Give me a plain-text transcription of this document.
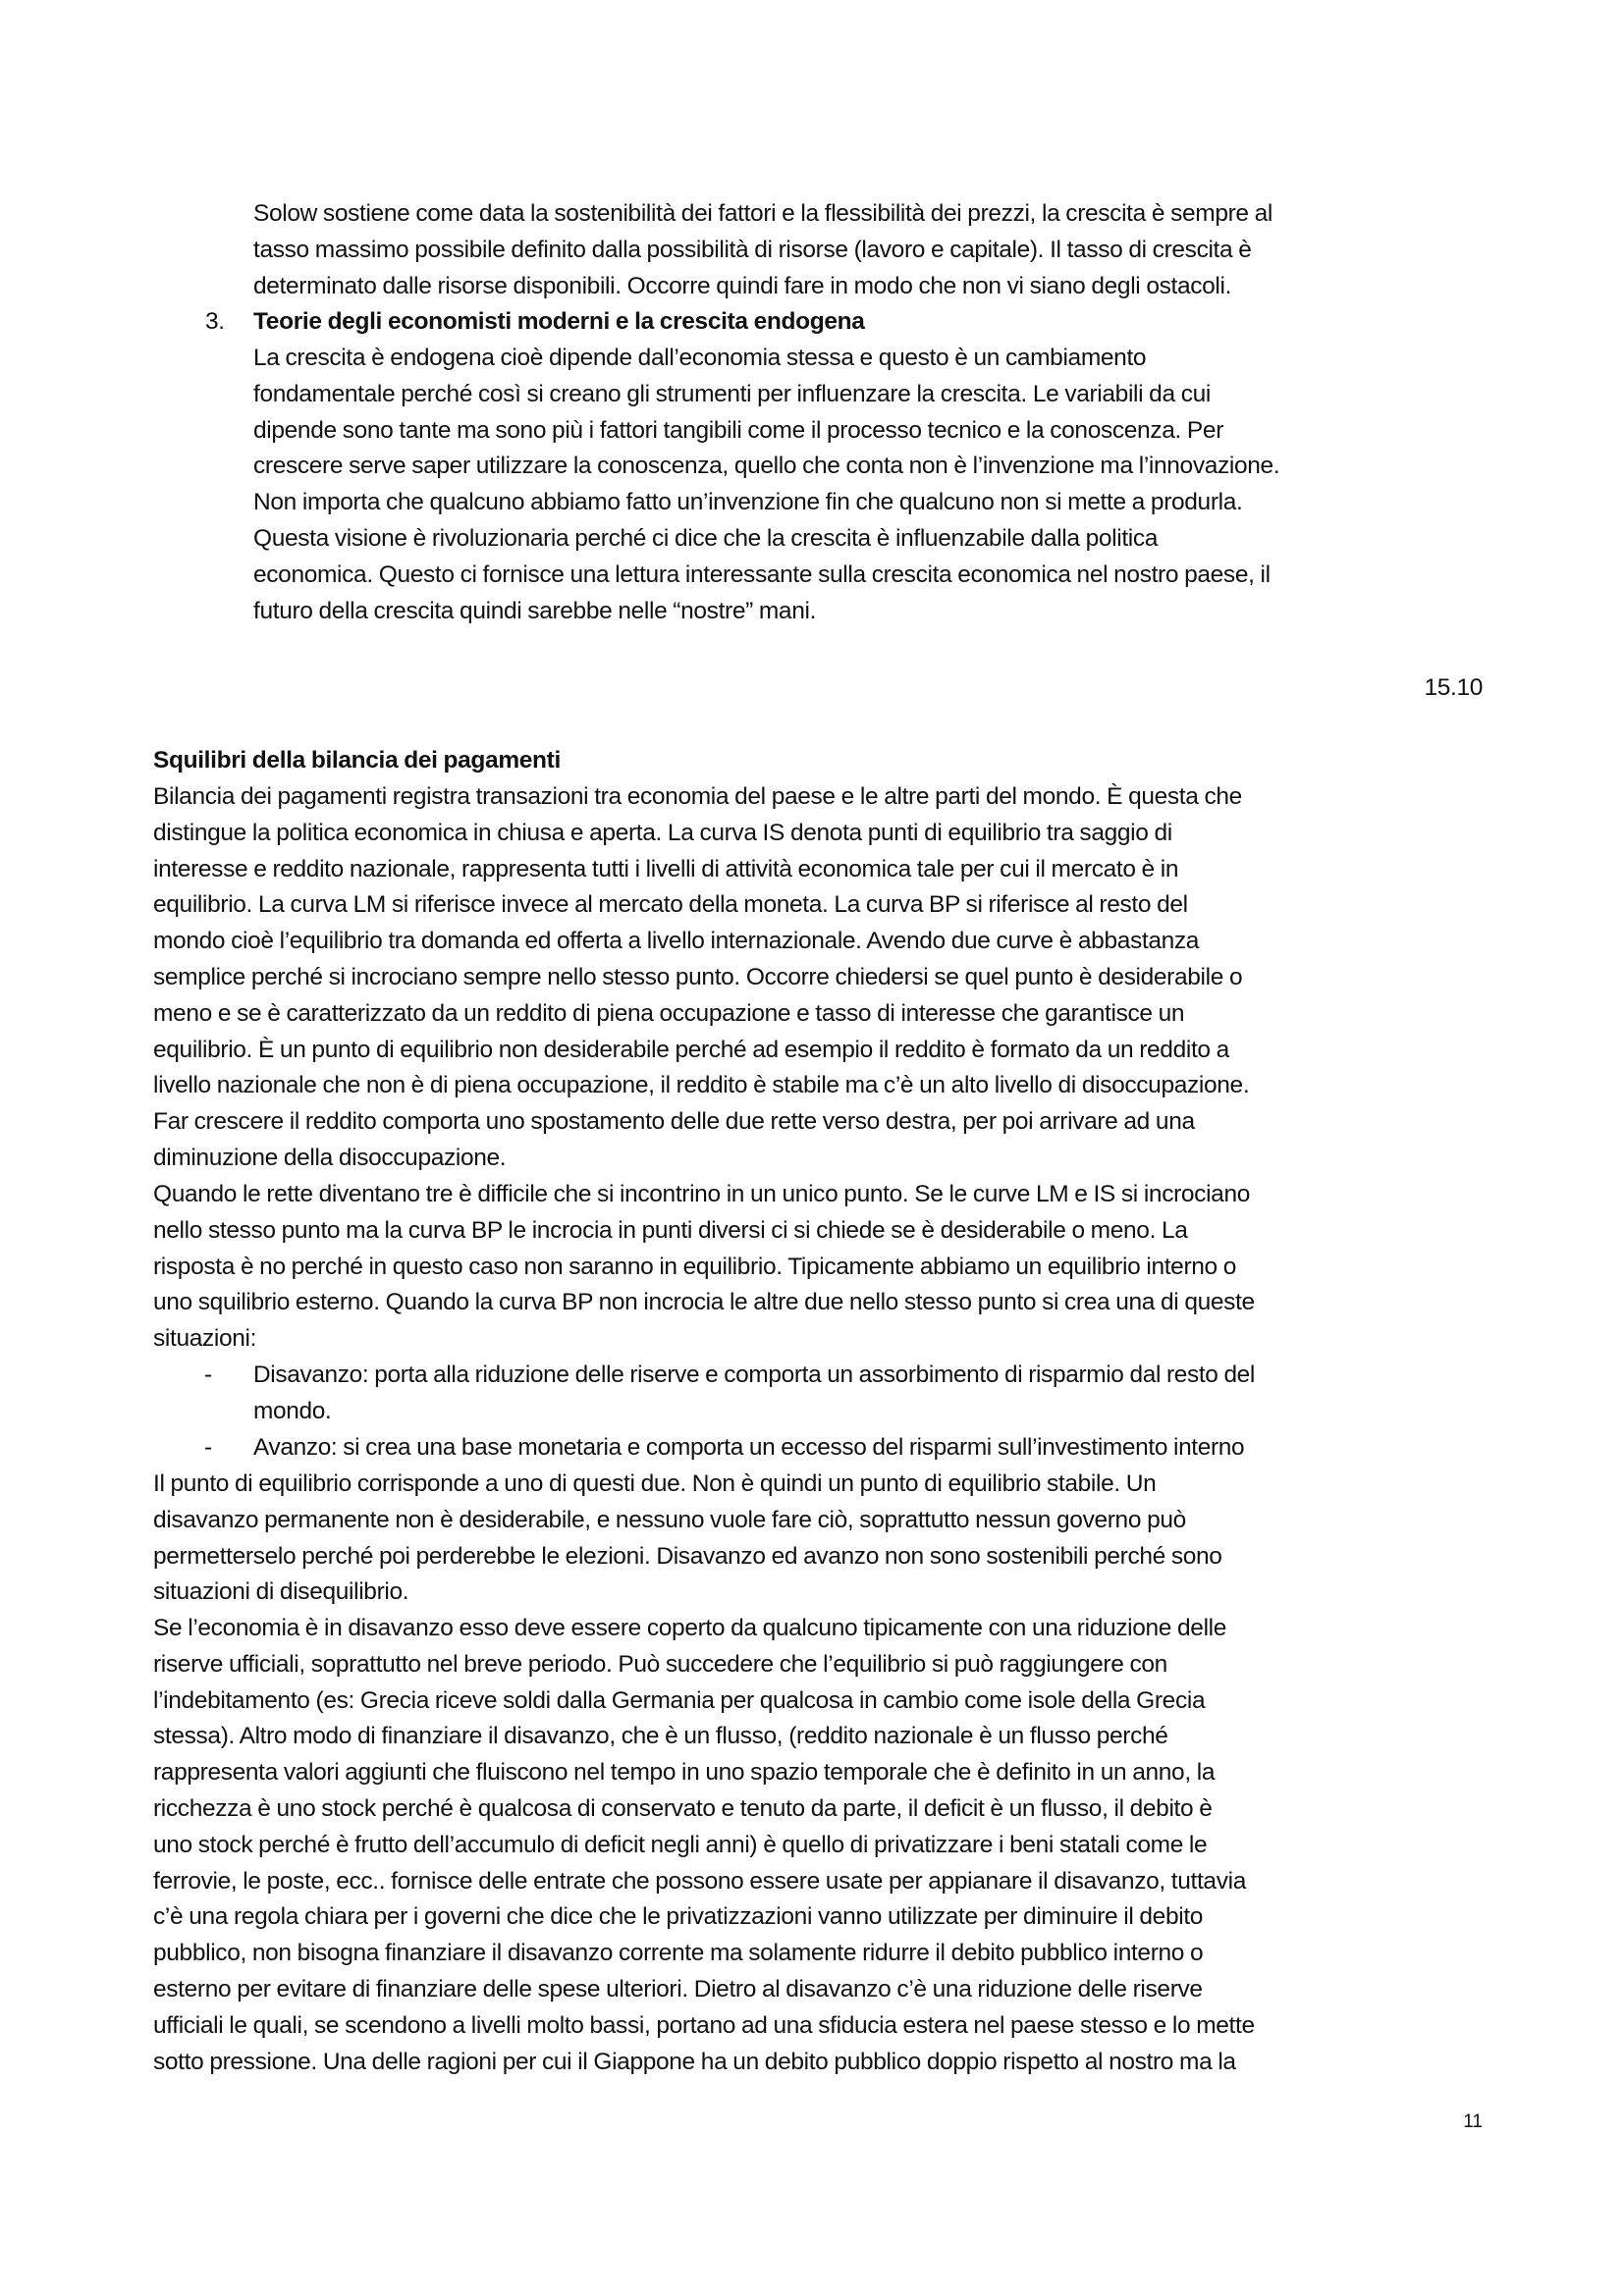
Solow sostiene come data la sostenibilità dei fattori e la flessibilità dei prezzi, la crescita è sempre al
tasso massimo possibile definito dalla possibilità di risorse (lavoro e capitale). Il tasso di crescita è
determinato dalle risorse disponibili. Occorre quindi fare in modo che non vi siano degli ostacoli.
3. Teorie degli economisti moderni e la crescita endogena
La crescita è endogena cioè dipende dall’economia stessa e questo è un cambiamento
fondamentale perché così si creano gli strumenti per influenzare la crescita. Le variabili da cui
dipende sono tante ma sono più i fattori tangibili come il processo tecnico e la conoscenza. Per
crescere serve saper utilizzare la conoscenza, quello che conta non è l’invenzione ma l’innovazione.
Non importa che qualcuno abbiamo fatto un’invenzione fin che qualcuno non si mette a produrla.
Questa visione è rivoluzionaria perché ci dice che la crescita è influenzabile dalla politica
economica. Questo ci fornisce una lettura interessante sulla crescita economica nel nostro paese, il
futuro della crescita quindi sarebbe nelle “nostre” mani.
15.10
Squilibri della bilancia dei pagamenti
Bilancia dei pagamenti registra transazioni tra economia del paese e le altre parti del mondo. È questa che
distingue la politica economica in chiusa e aperta. La curva IS denota punti di equilibrio tra saggio di
interesse e reddito nazionale, rappresenta tutti i livelli di attività economica tale per cui il mercato è in
equilibrio. La curva LM si riferisce invece al mercato della moneta. La curva BP si riferisce al resto del
mondo cioè l’equilibrio tra domanda ed offerta a livello internazionale. Avendo due curve è abbastanza
semplice perché si incrociano sempre nello stesso punto. Occorre chiedersi se quel punto è desiderabile o
meno e se è caratterizzato da un reddito di piena occupazione e tasso di interesse che garantisce un
equilibrio. È un punto di equilibrio non desiderabile perché ad esempio il reddito è formato da un reddito a
livello nazionale che non è di piena occupazione, il reddito è stabile ma c’è un alto livello di disoccupazione.
Far crescere il reddito comporta uno spostamento delle due rette verso destra, per poi arrivare ad una
diminuzione della disoccupazione.
Quando le rette diventano tre è difficile che si incontrino in un unico punto. Se le curve LM e IS si incrociano
nello stesso punto ma la curva BP le incrocia in punti diversi ci si chiede se è desiderabile o meno. La
risposta è no perché in questo caso non saranno in equilibrio. Tipicamente abbiamo un equilibrio interno o
uno squilibrio esterno. Quando la curva BP non incrocia le altre due nello stesso punto si crea una di queste
situazioni:
- Disavanzo: porta alla riduzione delle riserve e comporta un assorbimento di risparmio dal resto del
mondo.
- Avanzo: si crea una base monetaria e comporta un eccesso del risparmi sull’investimento interno
Il punto di equilibrio corrisponde a uno di questi due. Non è quindi un punto di equilibrio stabile. Un
disavanzo permanente non è desiderabile, e nessuno vuole fare ciò, soprattutto nessun governo può
permetterselo perché poi perderebbe le elezioni. Disavanzo ed avanzo non sono sostenibili perché sono
situazioni di disequilibrio.
Se l’economia è in disavanzo esso deve essere coperto da qualcuno tipicamente con una riduzione delle
riserve ufficiali, soprattutto nel breve periodo. Può succedere che l’equilibrio si può raggiungere con
l’indebitamento (es: Grecia riceve soldi dalla Germania per qualcosa in cambio come isole della Grecia
stessa). Altro modo di finanziare il disavanzo, che è un flusso, (reddito nazionale è un flusso perché
rappresenta valori aggiunti che fluiscono nel tempo in uno spazio temporale che è definito in un anno, la
ricchezza è uno stock perché è qualcosa di conservato e tenuto da parte, il deficit è un flusso, il debito è
uno stock perché è frutto dell’accumulo di deficit negli anni) è quello di privatizzare i beni statali come le
ferrovie, le poste, ecc.. fornisce delle entrate che possono essere usate per appianare il disavanzo, tuttavia
c’è una regola chiara per i governi che dice che le privatizzazioni vanno utilizzate per diminuire il debito
pubblico, non bisogna finanziare il disavanzo corrente ma solamente ridurre il debito pubblico interno o
esterno per evitare di finanziare delle spese ulteriori. Dietro al disavanzo c’è una riduzione delle riserve
ufficiali le quali, se scendono a livelli molto bassi, portano ad una sfiducia estera nel paese stesso e lo mette
sotto pressione. Una delle ragioni per cui il Giappone ha un debito pubblico doppio rispetto al nostro ma la
11
